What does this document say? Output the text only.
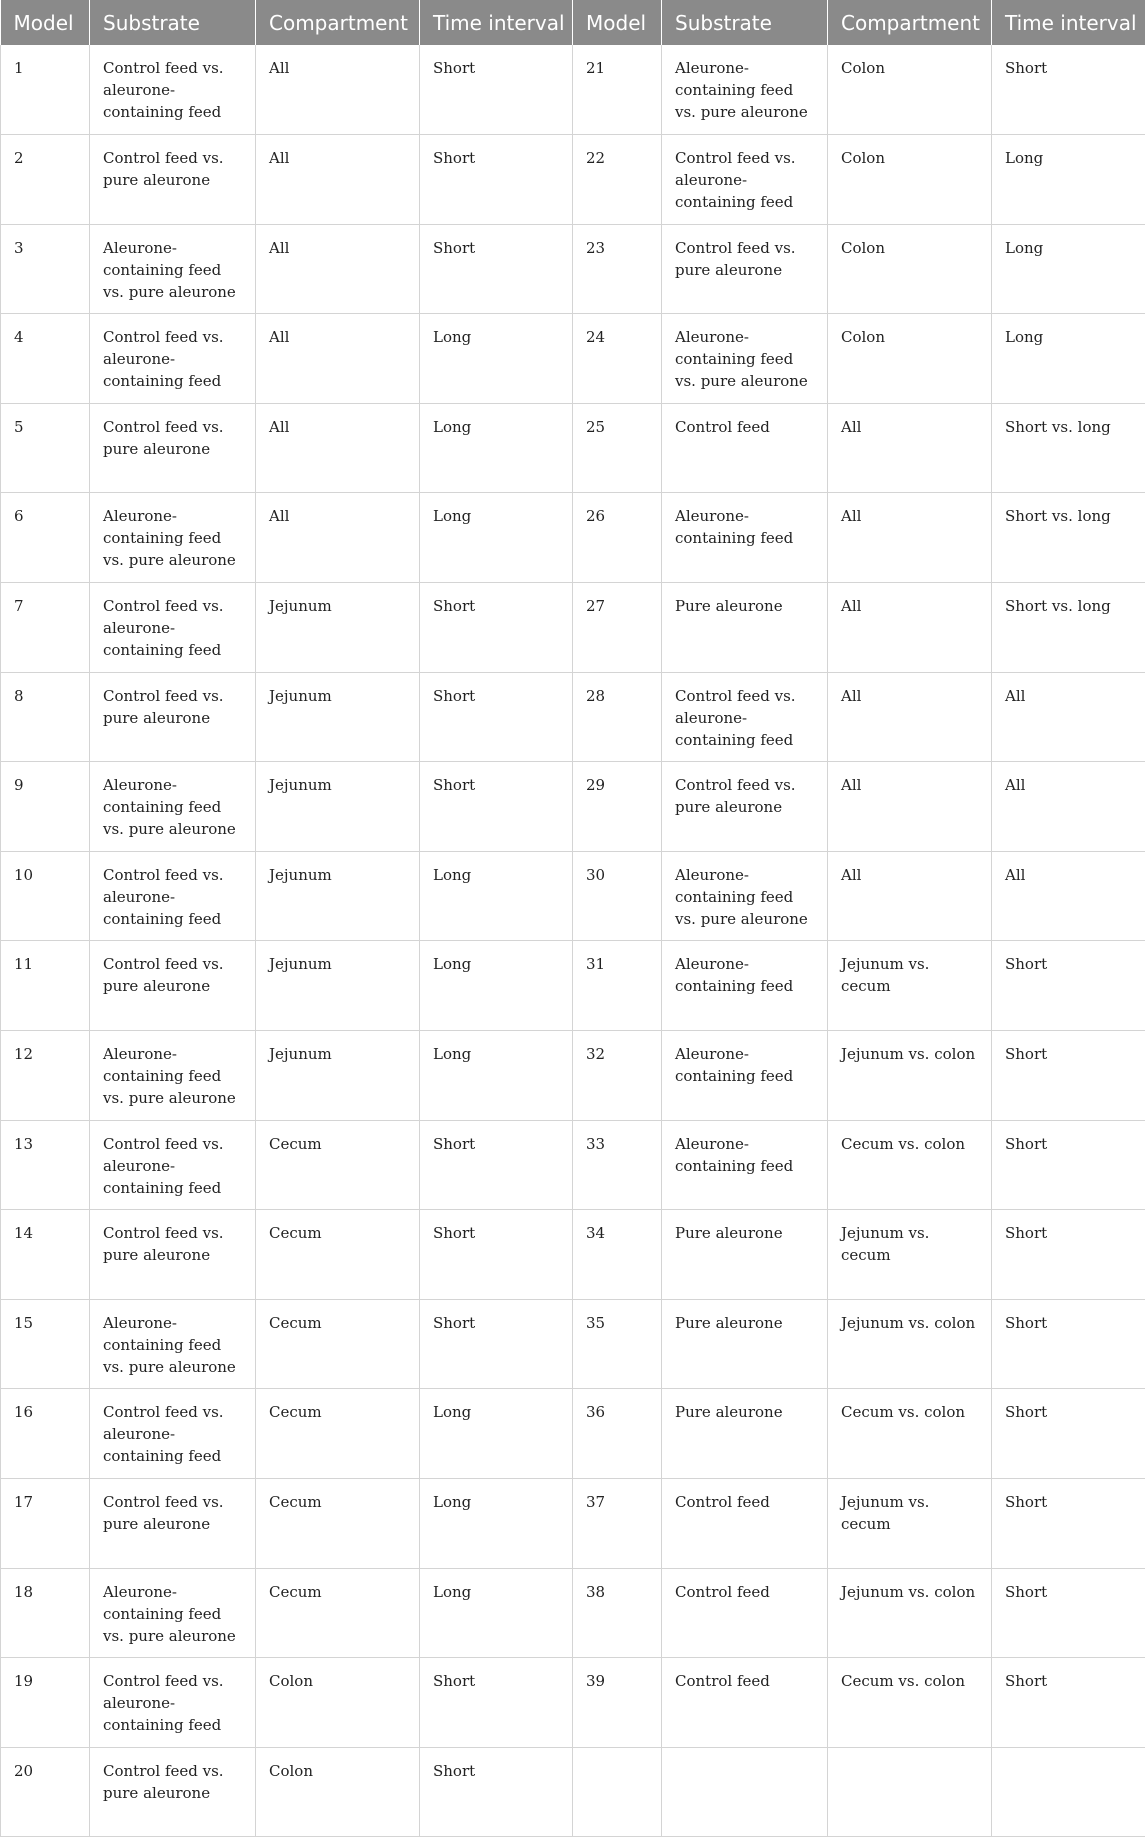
Model	Substrate	Compartment	Time interval	Model	Substrate	Compartment	Time interval
1	Control feed vs. aleurone-containing feed	All	Short	21	Aleurone-containing feed vs. pure aleurone	Colon	Short
2	Control feed vs. pure aleurone	All	Short	22	Control feed vs. aleurone-containing feed	Colon	Long
3	Aleurone-containing feed vs. pure aleurone	All	Short	23	Control feed vs. pure aleurone	Colon	Long
4	Control feed vs. aleurone-containing feed	All	Long	24	Aleurone-containing feed vs. pure aleurone	Colon	Long
5	Control feed vs. pure aleurone	All	Long	25	Control feed	All	Short vs. long
6	Aleurone-containing feed vs. pure aleurone	All	Long	26	Aleurone-containing feed	All	Short vs. long
7	Control feed vs. aleurone-containing feed	Jejunum	Short	27	Pure aleurone	All	Short vs. long
8	Control feed vs. pure aleurone	Jejunum	Short	28	Control feed vs. aleurone-containing feed	All	All
9	Aleurone-containing feed vs. pure aleurone	Jejunum	Short	29	Control feed vs. pure aleurone	All	All
10	Control feed vs. aleurone-containing feed	Jejunum	Long	30	Aleurone-containing feed vs. pure aleurone	All	All
11	Control feed vs. pure aleurone	Jejunum	Long	31	Aleurone-containing feed	Jejunum vs. cecum	Short
12	Aleurone-containing feed vs. pure aleurone	Jejunum	Long	32	Aleurone-containing feed	Jejunum vs. colon	Short
13	Control feed vs. aleurone-containing feed	Cecum	Short	33	Aleurone-containing feed	Cecum vs. colon	Short
14	Control feed vs. pure aleurone	Cecum	Short	34	Pure aleurone	Jejunum vs. cecum	Short
15	Aleurone-containing feed vs. pure aleurone	Cecum	Short	35	Pure aleurone	Jejunum vs. colon	Short
16	Control feed vs. aleurone-containing feed	Cecum	Long	36	Pure aleurone	Cecum vs. colon	Short
17	Control feed vs. pure aleurone	Cecum	Long	37	Control feed	Jejunum vs. cecum	Short
18	Aleurone-containing feed vs. pure aleurone	Cecum	Long	38	Control feed	Jejunum vs. colon	Short
19	Control feed vs. aleurone-containing feed	Colon	Short	39	Control feed	Cecum vs. colon	Short
20	Control feed vs. pure aleurone	Colon	Short				
